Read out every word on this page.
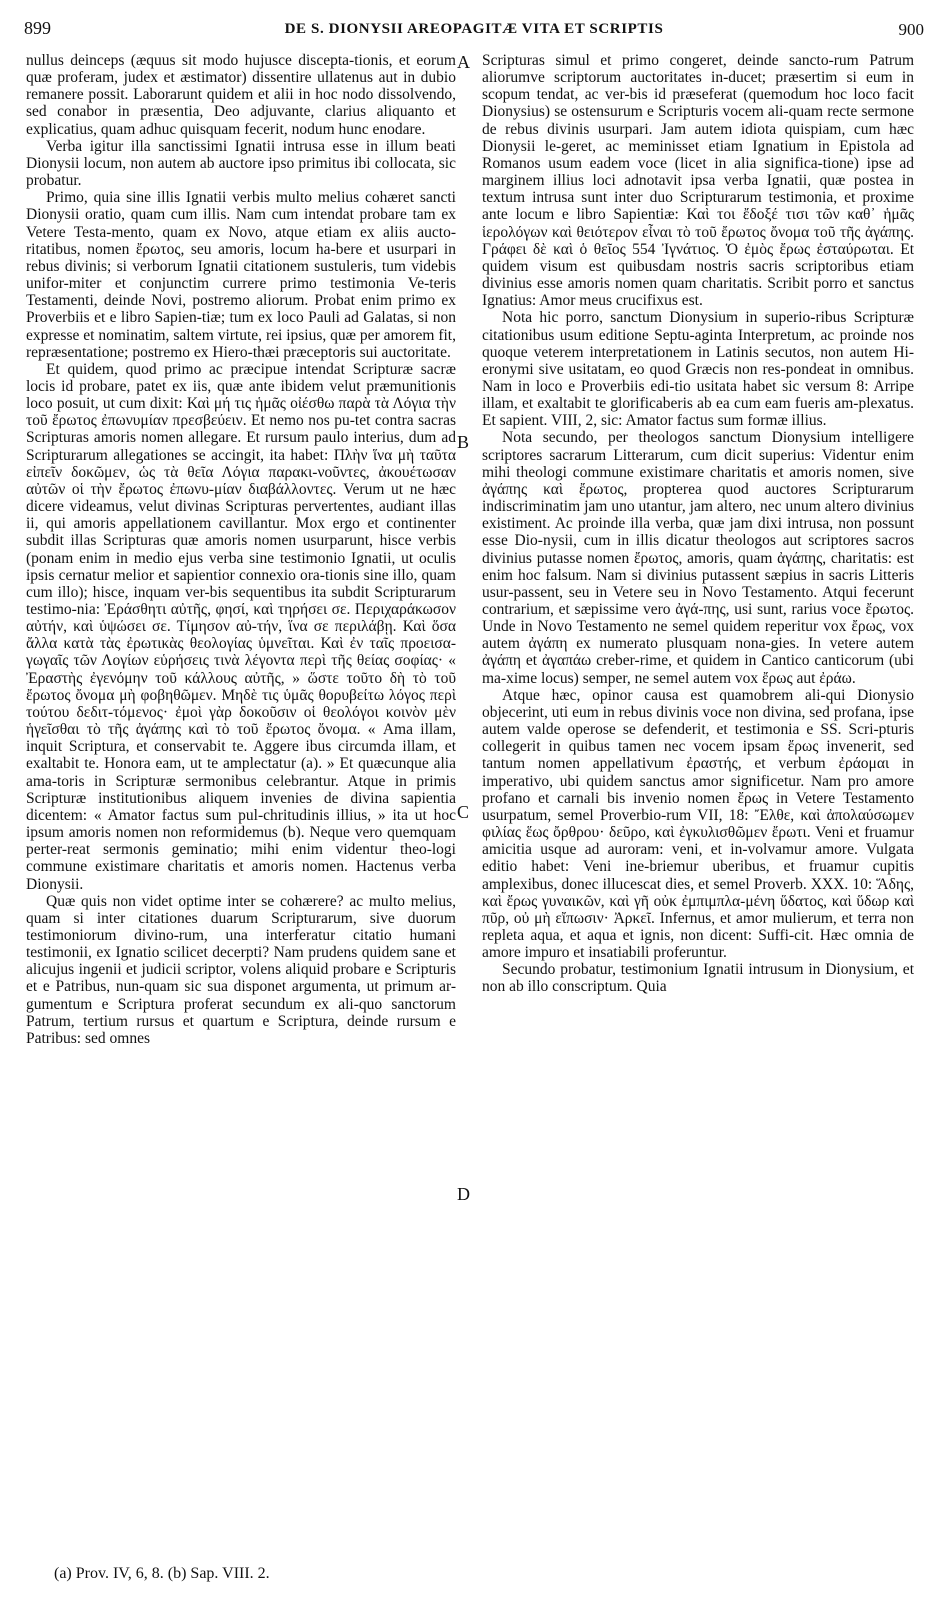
899	DE S. DIONYSII AREOPAGITÆ VITA ET SCRIPTIS	900

nullus deinceps (æquus sit modo hujusce discepta-tionis, et eorum quæ proferam, judex et æstimator) dissentire ullatenus aut in dubio remanere possit. Laborarunt quidem et alii in hoc nodo dissolvendo, sed conabor in præsentia, Deo adjuvante, clarius aliquanto et explicatius, quam adhuc quisquam fecerit, nodum hunc enodare.

Verba igitur illa sanctissimi Ignatii intrusa esse in illum beati Dionysii locum, non autem ab auctore ipso primitus ibi collocata, sic probatur.

Primo, quia sine illis Ignatii verbis multo melius cohæret sancti Dionysii oratio, quam cum illis. Nam cum intendat probare tam ex Vetere Testa-mento, quam ex Novo, atque etiam ex aliis aucto-ritatibus, nomen ἔρωτος, seu amoris, locum ha-bere et usurpari in rebus divinis; si verborum Ignatii citationem sustuleris, tum videbis unifor-miter et conjunctim currere primo testimonia Ve-teris Testamenti, deinde Novi, postremo aliorum. Probat enim primo ex Proverbiis et e libro Sapien-tiæ; tum ex loco Pauli ad Galatas, si non expresse et nominatim, saltem virtute, rei ipsius, quæ per amorem fit, repræsentatione; postremo ex Hiero-thæi præceptoris sui auctoritate.

Et quidem, quod primo ac præcipue intendat Scripturæ sacræ locis id probare, patet ex iis, quæ ante ibidem velut præmunitionis loco posuit, ut cum dixit: Καὶ μή τις ἡμᾶς οἰέσθω παρὰ τὰ Λόγια τὴν τοῦ ἔρωτος ἐπωνυμίαν πρεσβεύειν. Et nemo nos pu-tet contra sacras Scripturas amoris nomen allegare. Et rursum paulo interius, dum ad Scripturarum allegationes se accingit, ita habet: Πλὴν ἵνα μὴ ταῦτα εἰπεῖν δοκῶμεν, ὡς τὰ θεῖα Λόγια παρακι-νοῦντες, ἀκουέτωσαν αὐτῶν οἱ τὴν ἔρωτος ἐπωνυ-μίαν διαβάλλοντες. Verum ut ne hæc dicere videamus, velut divinas Scripturas pervertentes, audiant illas ii, qui amoris appellationem cavillantur. Mox ergo et continenter subdit illas Scripturas quæ amoris nomen usurparunt, hisce verbis (ponam enim in medio ejus verba sine testimonio Ignatii, ut oculis ipsis cernatur melior et sapientior connexio ora-tionis sine illo, quam cum illo); hisce, inquam ver-bis sequentibus ita subdit Scripturarum testimo-nia: Ἐράσθητι αὐτῆς, φησί, καὶ τηρήσει σε. Περιχαράκωσον αὐτήν, καὶ ὑψώσει σε. Τίμησον αὐ-τήν, ἵνα σε περιλάβῃ. Καὶ ὅσα ἄλλα κατὰ τὰς ἐρωτικὰς θεολογίας ὑμνεῖται. Καὶ ἐν ταῖς προεισα-γωγαῖς τῶν Λογίων εὑρήσεις τινὰ λέγοντα περὶ τῆς θείας σοφίας· « Ἐραστὴς ἐγενόμην τοῦ κάλλους αὐτῆς, » ὥστε τοῦτο δὴ τὸ τοῦ ἔρωτος ὄνομα μὴ φοβηθῶμεν. Μηδὲ τις ὑμᾶς θορυβείτω λόγος περὶ τούτου δεδιτ-τόμενος· ἐμοὶ γὰρ δοκοῦσιν οἱ θεολόγοι κοινὸν μὲν ἡγεῖσθαι τὸ τῆς ἀγάπης καὶ τὸ τοῦ ἔρωτος ὄνομα. « Ama illam, inquit Scriptura, et conservabit te. Aggere ibus circumda illam, et exaltabit te. Honora eam, ut te amplectatur (a). » Et quæcunque alia ama-toris in Scripturæ sermonibus celebrantur. Atque in primis Scripturæ institutionibus aliquem invenies de divina sapientia dicentem: « Amator factus sum pul-chritudinis illius, » ita ut hoc ipsum amoris nomen non reformidemus (b). Neque vero quemquam perter-reat sermonis geminatio; mihi enim videntur theo-logi commune existimare charitatis et amoris nomen. Hactenus verba Dionysii.

Quæ quis non videt optime inter se cohærere? ac multo melius, quam si inter citationes duarum Scripturarum, sive duorum testimoniorum divino-rum, una interferatur citatio humani testimonii, ex Ignatio scilicet decerpti? Nam prudens quidem sane et alicujus ingenii et judicii scriptor, volens aliquid probare e Scripturis et e Patribus, nun-quam sic sua disponet argumenta, ut primum ar-gumentum e Scriptura proferat secundum ex ali-quo sanctorum Patrum, tertium rursus et quartum e Scriptura, deinde rursum e Patribus: sed omnes

A
B
C
D

Scripturas simul et primo congeret, deinde sancto-rum Patrum aliorumve scriptorum auctoritates in-ducet; præsertim si eum in scopum tendat, ac ver-bis id præseferat (quemodum hoc loco facit Dionysius) se ostensurum e Scripturis vocem ali-quam recte sermone de rebus divinis usurpari. Jam autem idiota quispiam, cum hæc Dionysii le-geret, ac meminisset etiam Ignatium in Epistola ad Romanos usum eadem voce (licet in alia significa-tione) ipse ad marginem illius loci adnotavit ipsa verba Ignatii, quæ postea in textum intrusa sunt inter duo Scripturarum testimonia, et proxime ante locum e libro Sapientiæ: Καὶ τοι ἔδοξέ τισι τῶν καθ᾽ ἡμᾶς ἱερολόγων καὶ θειότερον εἶναι τὸ τοῦ ἔρωτος ὄνομα τοῦ τῆς ἀγάπης. Γράφει δὲ καὶ ὁ θεῖος 554 Ἰγνάτιος. Ὁ ἐμὸς ἔρως ἐσταύρωται. Et quidem visum est quibusdam nostris sacris scriptoribus etiam divinius esse amoris nomen quam charitatis. Scribit porro et sanctus Ignatius: Amor meus crucifixus est.

Nota hic porro, sanctum Dionysium in superio-ribus Scripturæ citationibus usum editione Septu-aginta Interpretum, ac proinde nos quoque veterem interpretationem in Latinis secutos, non autem Hi-eronymi sive usitatam, eo quod Græcis non res-pondeat in omnibus. Nam in loco e Proverbiis edi-tio usitata habet sic versum 8: Arripe illam, et exaltabit te glorificaberis ab ea cum eam fueris am-plexatus. Et sapient. VIII, 2, sic: Amator factus sum formæ illius.

Nota secundo, per theologos sanctum Dionysium intelligere scriptores sacrarum Litterarum, cum dicit superius: Videntur enim mihi theologi commune existimare charitatis et amoris nomen, sive ἀγάπης καὶ ἔρωτος, propterea quod auctores Scripturarum indiscriminatim jam uno utantur, jam altero, nec unum altero divinius existiment. Ac proinde illa verba, quæ jam dixi intrusa, non possunt esse Dio-nysii, cum in illis dicatur theologos aut scriptores sacros divinius putasse nomen ἔρωτος, amoris, quam ἀγάπης, charitatis: est enim hoc falsum. Nam si divinius putassent sæpius in sacris Litteris usur-passent, seu in Vetere seu in Novo Testamento. Atqui fecerunt contrarium, et sæpissime vero ἀγά-πης, usi sunt, rarius voce ἔρωτος. Unde in Novo Testamento ne semel quidem reperitur vox ἔρως, vox autem ἀγάπη ex numerato plusquam nona-gies. In vetere autem ἀγάπη et ἀγαπάω creber-rime, et quidem in Cantico canticorum (ubi ma-xime locus) semper, ne semel autem vox ἔρως aut ἐράω.

Atque hæc, opinor causa est quamobrem ali-qui Dionysio objecerint, uti eum in rebus divinis voce non divina, sed profana, ipse autem valde operose se defenderit, et testimonia e SS. Scri-pturis collegerit in quibus tamen nec vocem ipsam ἔρως invenerit, sed tantum nomen appellativum ἐραστής, et verbum ἐράομαι in imperativo, ubi quidem sanctus amor significetur. Nam pro amore profano et carnali bis invenio nomen ἔρως in Vetere Testamento usurpatum, semel Proverbio-rum VII, 18: Ἔλθε, καὶ ἀπολαύσωμεν φιλίας ἕως ὄρθρου· δεῦρο, καὶ ἐγκυλισθῶμεν ἔρωτι. Veni et fruamur amicitia usque ad auroram: veni, et in-volvamur amore. Vulgata editio habet: Veni ine-briemur uberibus, et fruamur cupitis amplexibus, donec illucescat dies, et semel Proverb. XXX. 10: Ἅδης, καὶ ἔρως γυναικῶν, καὶ γῆ οὐκ ἐμπιμπλα-μένη ὕδατος, καὶ ὕδωρ καὶ πῦρ, οὐ μὴ εἴπωσιν· Ἀρκεῖ. Infernus, et amor mulierum, et terra non repleta aqua, et aqua et ignis, non dicent: Suffi-cit. Hæc omnia de amore impuro et insatiabili proferuntur.

Secundo probatur, testimonium Ignatii intrusum in Dionysium, et non ab illo conscriptum. Quia

(a) Prov. IV, 6, 8. (b) Sap. VIII. 2.
